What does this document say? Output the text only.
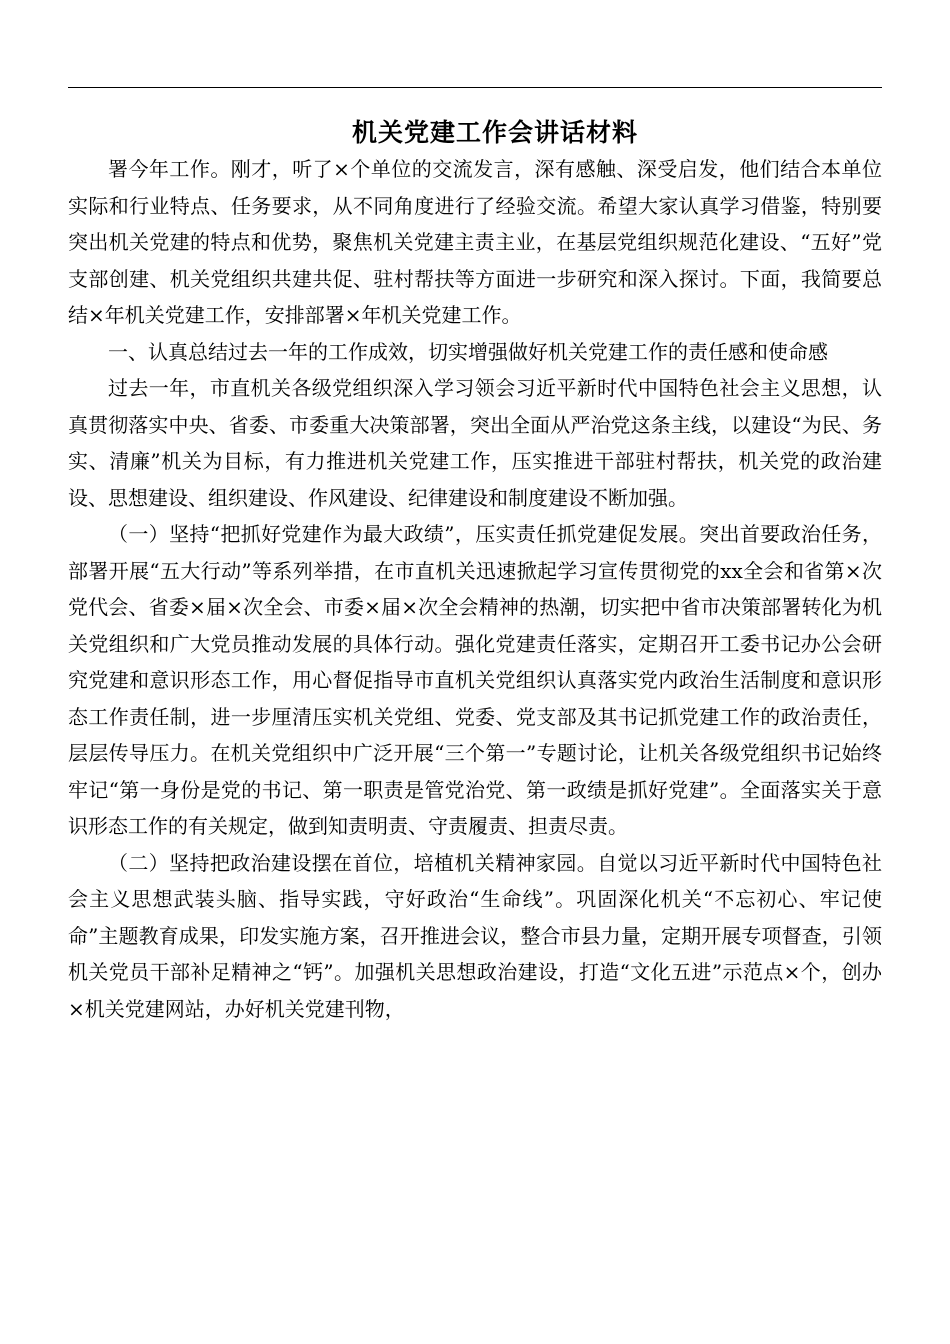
机关党建工作会讲话材料

署今年工作。刚才，听了×个单位的交流发言，深有感触、深受启发，他们结合本单位实际和行业特点、任务要求，从不同角度进行了经验交流。希望大家认真学习借鉴，特别要突出机关党建的特点和优势，聚焦机关党建主责主业，在基层党组织规范化建设、“五好”党支部创建、机关党组织共建共促、驻村帮扶等方面进一步研究和深入探讨。下面，我简要总结×年机关党建工作，安排部署×年机关党建工作。

一、认真总结过去一年的工作成效，切实增强做好机关党建工作的责任感和使命感

过去一年，市直机关各级党组织深入学习领会习近平新时代中国特色社会主义思想，认真贯彻落实中央、省委、市委重大决策部署，突出全面从严治党这条主线，以建设“为民、务实、清廉”机关为目标，有力推进机关党建工作，压实推进干部驻村帮扶，机关党的政治建设、思想建设、组织建设、作风建设、纪律建设和制度建设不断加强。

（一）坚持“把抓好党建作为最大政绩”，压实责任抓党建促发展。突出首要政治任务，部署开展“五大行动”等系列举措，在市直机关迅速掀起学习宣传贯彻党的xx全会和省第×次党代会、省委×届×次全会、市委×届×次全会精神的热潮，切实把中省市决策部署转化为机关党组织和广大党员推动发展的具体行动。强化党建责任落实，定期召开工委书记办公会研究党建和意识形态工作，用心督促指导市直机关党组织认真落实党内政治生活制度和意识形态工作责任制，进一步厘清压实机关党组、党委、党支部及其书记抓党建工作的政治责任，层层传导压力。在机关党组织中广泛开展“三个第一”专题讨论，让机关各级党组织书记始终牢记“第一身份是党的书记、第一职责是管党治党、第一政绩是抓好党建”。全面落实关于意识形态工作的有关规定，做到知责明责、守责履责、担责尽责。

（二）坚持把政治建设摆在首位，培植机关精神家园。自觉以习近平新时代中国特色社会主义思想武装头脑、指导实践，守好政治“生命线”。巩固深化机关“不忘初心、牢记使命”主题教育成果，印发实施方案，召开推进会议，整合市县力量，定期开展专项督查，引领机关党员干部补足精神之“钙”。加强机关思想政治建设，打造“文化五进”示范点×个，创办×机关党建网站，办好机关党建刊物，
